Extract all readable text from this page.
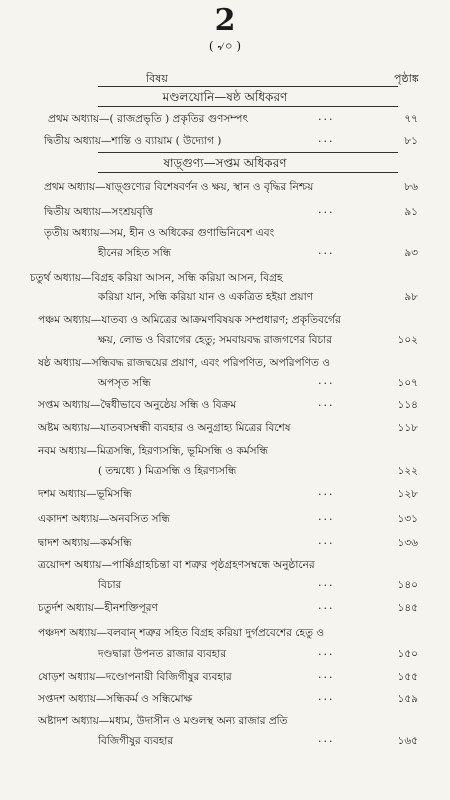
2
( ৵০ )
বিষয়	পৃষ্ঠাঙ্ক
মণ্ডলযোনি—ষষ্ঠ অধিকরণ
প্রথম অধ্যায়—( রাজপ্রভৃতি ) প্রকৃতির গুণসম্পৎ	...	৭৭
দ্বিতীয় অধ্যায়—শান্তি ও ব্যায়াম ( উদ্যোগ )	...	৮১
ষাড়্‌গুণ্য—সপ্তম অধিকরণ
প্রথম অধ্যায়—ষাড়্‌গুণ্যের বিশেষবর্ণন ও ক্ষয়, স্থান ও বৃদ্ধির নিশ্চয়	৮৬
দ্বিতীয় অধ্যায়—সংশ্রয়বৃত্তি	...	৯১
তৃতীয় অধ্যায়—সম, হীন ও অধিকের গুণাভিনিবেশ এবং
হীনের সহিত সন্ধি	...	৯৩
চতুর্থ অধ্যায়—বিগ্রহ করিয়া আসন, সন্ধি করিয়া আসন, বিগ্রহ
করিয়া যান, সন্ধি করিয়া যান ও একত্রিত হইয়া প্রয়াণ	৯৮
পঞ্চম অধ্যায়—যাতব্য ও অমিত্রের আক্রমণবিষয়ক সম্প্রধারণ; প্রকৃতিবর্গের
ক্ষয়, লোভ ও বিরাগের হেতু; সমবায়বদ্ধ রাজগণের বিচার	১০২
ষষ্ঠ অধ্যায়—সন্ধিবদ্ধ রাজদ্বয়ের প্রয়াণ, এবং পরিপণিত, অপরিপণিত ও
অপসৃত সন্ধি	...	১০৭
সপ্তম অধ্যায়—দ্বৈধীভাবে অনুষ্ঠেয় সন্ধি ও বিক্রম	...	১১৪
অষ্টম অধ্যায়—যাতব্যসম্বন্ধী ব্যবহার ও অনুগ্রাহ্য মিত্রের বিশেষ	১১৮
নবম অধ্যায়—মিত্রসন্ধি, হিরণ্যসন্ধি, ভূমিসন্ধি ও কর্মসন্ধি
( তন্মধ্যে ) মিত্রসন্ধি ও হিরণ্যসন্ধি	১২২
দশম অধ্যায়—ভূমিসন্ধি	...	১২৮
একাদশ অধ্যায়—অনবসিত সন্ধি	...	১৩১
দ্বাদশ অধ্যায়—কর্মসন্ধি	...	১৩৬
ত্রয়োদশ অধ্যায়—পার্ষ্ণিগ্রাহচিন্তা বা শত্রুর পৃষ্ঠগ্রহণসম্বন্ধে অনুষ্ঠানের
বিচার	...	১৪০
চতুর্দশ অধ্যায়—হীনশক্তিপূরণ	...	১৪৫
পঞ্চদশ অধ্যায়—বলবান্‌ শত্রুর সহিত বিগ্রহ করিয়া দুর্গপ্রবেশের হেতু ও
দণ্ডদ্বারা উপনত রাজার ব্যবহার	...	১৫০
ষোড়শ অধ্যায়—দণ্ডোপনায়ী বিজিগীষুর ব্যবহার	...	১৫৫
সপ্তদশ অধ্যায়—সন্ধিকর্ম ও সন্ধিমোক্ষ	...	১৫৯
অষ্টাদশ অধ্যায়—মধ্যম, উদাসীন ও মণ্ডলস্থ অন্য রাজার প্রতি
বিজিগীষুর ব্যবহার	...	১৬৫
